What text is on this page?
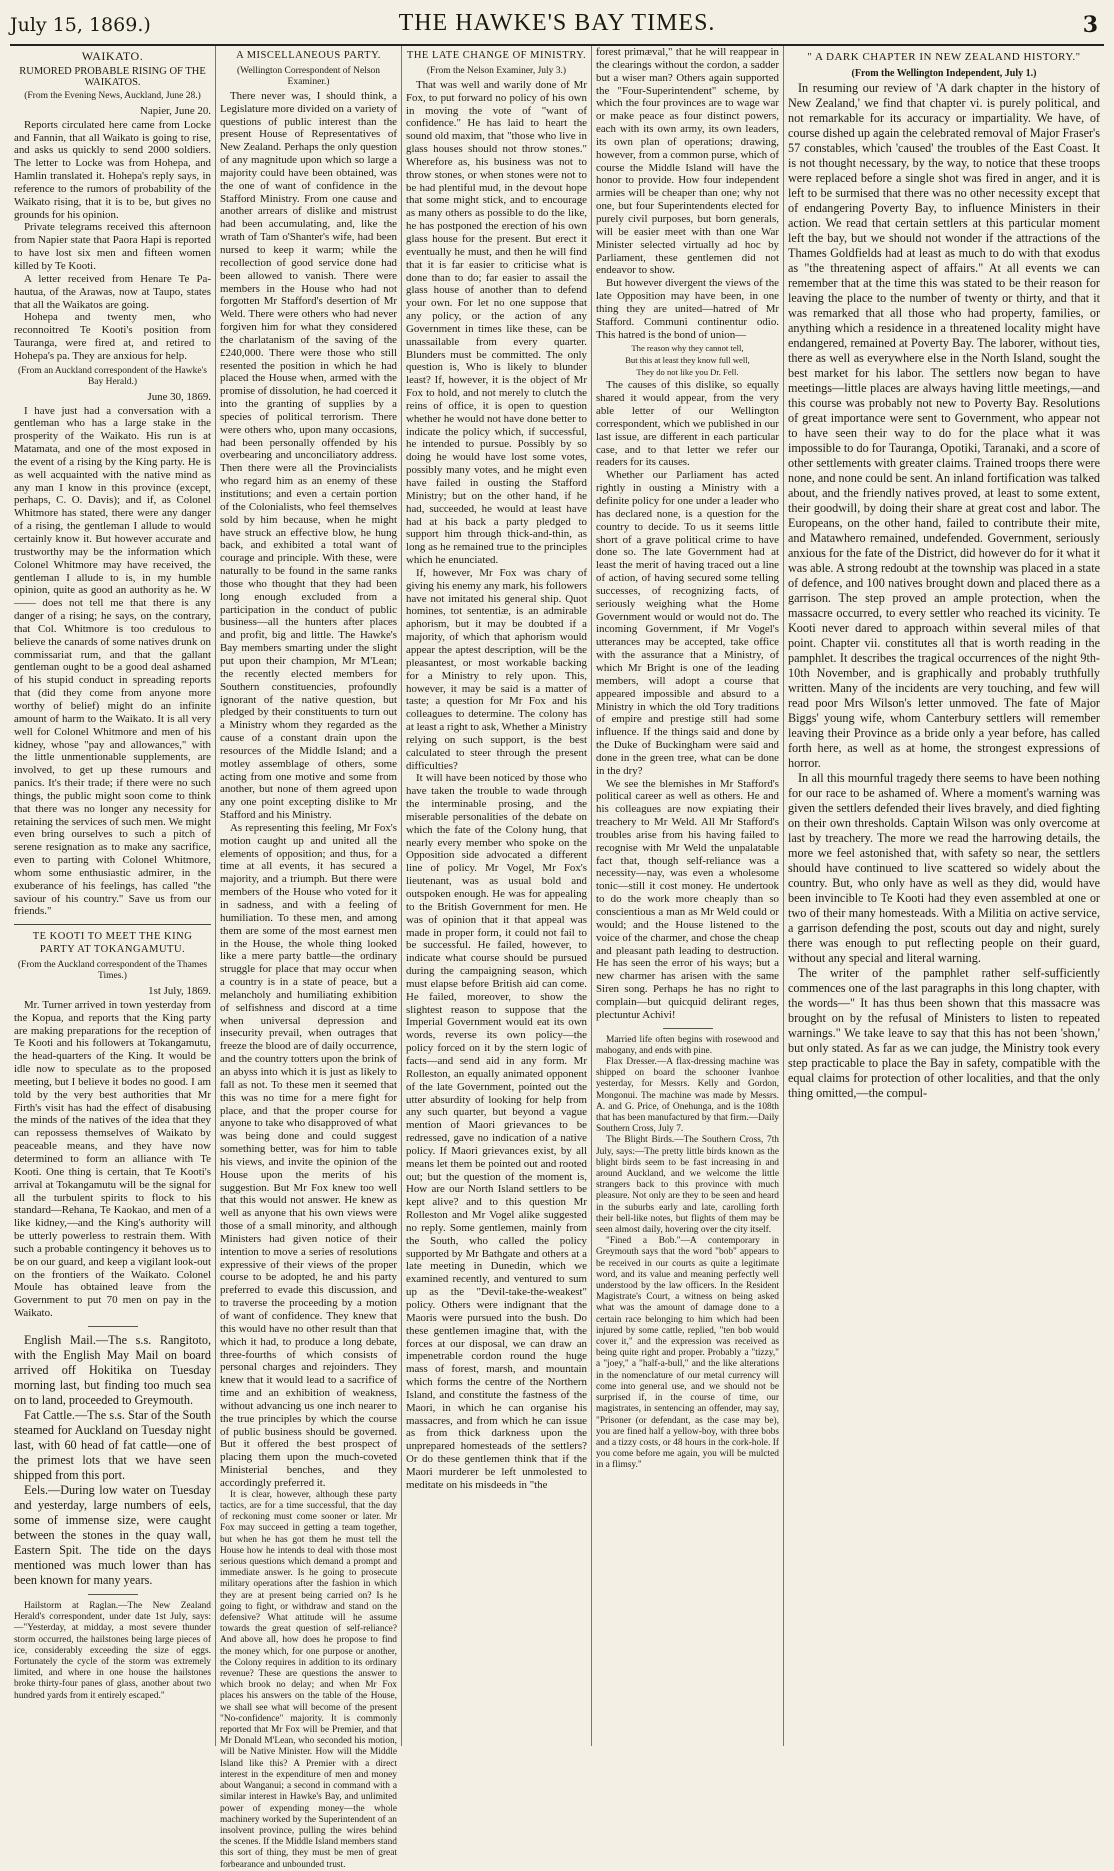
July 15, 1869.)	THE HAWKE'S BAY TIMES.	3
WAIKATO.
RUMORED PROBABLE RISING OF THE WAIKATOS.
(From the Evening News, Auckland, June 28.)
Napier, June 20.

Reports circulated here came from Locke and Fannin, that all Waikato is going to rise, and asks us quickly to send 2000 soldiers. The letter to Locke was from Hohepa, and Hamlin translated it. Hohepa's reply says, in reference to the rumors of probability of the Waikato rising, that it is to be, but gives no grounds for his opinion.

Private telegrams received this afternoon from Napier state that Paora Hapi is reported to have lost six men and fifteen women killed by Te Kooti.

A letter received from Henare Te Pa- hautua, of the Arawas, now at Taupo, states that all the Waikatos are going.

Hohepa and twenty men, who reconnoitred Te Kooti's position from Tauranga, were fired at, and retired to Hohepa's pa. They are anxious for help.

(From an Auckland correspondent of the Hawke's Bay Herald.)
June 30, 1869.

I have just had a conversation with a gentleman who has a large stake in the prosperity of the Waikato. His run is at Matamata, and one of the most exposed in the event of a rising by the King party. He is as well acquainted with the native mind as any man I know in this province (except, perhaps, C. O. Davis); and if, as Colonel Whitmore has stated, there were any danger of a rising, the gentleman I allude to would certainly know it. But however accurate and trustworthy may be the information which Colonel Whitmore may have received, the gentleman I allude to is, in my humble opinion, quite as good an authority as he. W—— does not tell me that there is any danger of a rising; he says, on the contrary, that Col. Whitmore is too credulous to believe the canards of some natives drunk on commissariat rum, and that the gallant gentleman ought to be a good deal ashamed of his stupid conduct in spreading reports that (did they come from anyone more worthy of belief) might do an infinite amount of harm to the Waikato. It is all very well for Colonel Whitmore and men of his kidney, whose "pay and allowances," with the little unmentionable supplements, are involved, to get up these rumours and panics. It's their trade; if there were no such things, the public might soon come to think that there was no longer any necessity for retaining the services of such men. We might even bring ourselves to such a pitch of serene resignation as to make any sacrifice, even to parting with Colonel Whitmore, whom some enthusiastic admirer, in the exuberance of his feelings, has called "the saviour of his country." Save us from our friends."

TE KOOTI TO MEET THE KING PARTY AT TOKANGAMUTU.
(From the Auckland correspondent of the Thames Times.)
1st July, 1869.

Mr. Turner arrived in town yesterday from the Kopua, and reports that the King party are making preparations for the reception of Te Kooti and his followers at Tokangamutu, the head-quarters of the King. It would be idle now to speculate as to the proposed meeting, but I believe it bodes no good. I am told by the very best authorities that Mr Firth's visit has had the effect of disabusing the minds of the natives of the idea that they can repossess themselves of Waikato by peaceable means, and they have now determined to form an alliance with Te Kooti. One thing is certain, that Te Kooti's arrival at Tokangamutu will be the signal for all the turbulent spirits to flock to his standard—Rehana, Te Kaokao, and men of a like kidney,—and the King's authority will be utterly powerless to restrain them. With such a probable contingency it behoves us to be on our guard, and keep a vigilant look-out on the frontiers of the Waikato. Colonel Moule has obtained leave from the Government to put 70 men on pay in the Waikato.

English Mail.—The s.s. Rangitoto, with the English May Mail on board arrived off Hokitika on Tuesday morning last, but finding too much sea on to land, proceeded to Greymouth.

Fat Cattle.—The s.s. Star of the South steamed for Auckland on Tuesday night last, with 60 head of fat cattle—one of the primest lots that we have seen shipped from this port.

Eels.—During low water on Tuesday and yesterday, large numbers of eels, some of immense size, were caught between the stones in the quay wall, Eastern Spit. The tide on the days mentioned was much lower than has been known for many years.

Hailstorm at Raglan.—The New Zealand Herald's correspondent, under date 1st July, says:—"Yesterday, at midday, a most severe thunder storm occurred, the hailstones being large pieces of ice, considerably exceeding the size of eggs. Fortunately the cycle of the storm was extremely limited, and where in one house the hailstones broke thirty-four panes of glass, another about two hundred yards from it entirely escaped."

A MISCELLANEOUS PARTY.
(Wellington Correspondent of Nelson Examiner.)

There never was, I should think, a Legislature more divided on a variety of questions of public interest than the present House of Representatives of New Zealand. Perhaps the only question of any magnitude upon which so large a majority could have been obtained, was the one of want of confidence in the Stafford Ministry. From one cause and another arrears of dislike and mistrust had been accumulating, and, like the wrath of Tam o'Shanter's wife, had been nursed to keep it warm; while the recollection of good service done had been allowed to vanish. There were members in the House who had not forgotten Mr Stafford's desertion of Mr Weld. There were others who had never forgiven him for what they considered the charlatanism of the saving of the £240,000. There were those who still resented the position in which he had placed the House when, armed with the promise of dissolution, he had coerced it into the granting of supplies by a species of political terrorism. There were others who, upon many occasions, had been personally offended by his overbearing and unconciliatory address. Then there were all the Provincialists who regard him as an enemy of these institutions; and even a certain portion of the Colonialists, who feel themselves sold by him because, when he might have struck an effective blow, he hung back, and exhibited a total want of courage and principle. With these, were naturally to be found in the same ranks those who thought that they had been long enough excluded from a participation in the conduct of public business—all the hunters after places and profit, big and little. The Hawke's Bay members smarting under the slight put upon their champion, Mr M'Lean; the recently elected members for Southern constituencies, profoundly ignorant of the native question, but pledged by their constituents to turn out a Ministry whom they regarded as the cause of a constant drain upon the resources of the Middle Island; and a motley assemblage of others, some acting from one motive and some from another, but none of them agreed upon any one point excepting dislike to Mr Stafford and his Ministry.

As representing this feeling, Mr Fox's motion caught up and united all the elements of opposition; and thus, for a time at all events, it has secured a majority, and a triumph. But there were members of the House who voted for it in sadness, and with a feeling of humiliation. To these men, and among them are some of the most earnest men in the House, the whole thing looked like a mere party battle—the ordinary struggle for place that may occur when a country is in a state of peace, but a melancholy and humiliating exhibition of selfishness and discord at a time when universal depression and insecurity prevail, when outrages that freeze the blood are of daily occurrence, and the country totters upon the brink of an abyss into which it is just as likely to fall as not. To these men it seemed that this was no time for a mere fight for place, and that the proper course for anyone to take who disapproved of what was being done and could suggest something better, was for him to table his views, and invite the opinion of the House upon the merits of his suggestion. But Mr Fox knew too well that this would not answer. He knew as well as anyone that his own views were those of a small minority, and although Ministers had given notice of their intention to move a series of resolutions expressive of their views of the proper course to be adopted, he and his party preferred to evade this discussion, and to traverse the proceeding by a motion of want of confidence. They knew that this would have no other result than that which it had, to produce a long debate, three-fourths of which consists of personal charges and rejoinders. They knew that it would lead to a sacrifice of time and an exhibition of weakness, without advancing us one inch nearer to the true principles by which the course of public business should be governed. But it offered the best prospect of placing them upon the much-coveted Ministerial benches, and they accordingly preferred it.

It is clear, however, although these party tactics, are for a time successful, that the day of reckoning must come sooner or later. Mr Fox may succeed in getting a team together, but when he has got them he must tell the House how he intends to deal with those most serious questions which demand a prompt and immediate answer. Is he going to prosecute military operations after the fashion in which they are at present being carried on? Is he going to fight, or withdraw and stand on the defensive? What attitude will he assume towards the great question of self-reliance? And above all, how does he propose to find the money which, for one purpose or another, the Colony requires in addition to its ordinary revenue? These are questions the answer to which brook no delay; and when Mr Fox places his answers on the table of the House, we shall see what will become of the present "No-confidence" majority. It is commonly reported that Mr Fox will be Premier, and that Mr Donald M'Lean, who seconded his motion, will be Native Minister. How will the Middle Island like this? A Premier with a direct interest in the expenditure of men and money about Wanganui; a second in command with a similar interest in Hawke's Bay, and unlimited power of expending money—the whole machinery worked by the Superintendent of an insolvent province, pulling the wires behind the scenes. If the Middle Island members stand this sort of thing, they must be men of great forbearance and unbounded trust.

THE LATE CHANGE OF MINISTRY.
(From the Nelson Examiner, July 3.)

That was well and warily done of Mr Fox, to put forward no policy of his own in moving the vote of "want of confidence." He has laid to heart the sound old maxim, that "those who live in glass houses should not throw stones." Wherefore as, his business was not to throw stones, or when stones were not to be had plentiful mud, in the devout hope that some might stick, and to encourage as many others as possible to do the like, he has postponed the erection of his own glass house for the present. But erect it eventually he must, and then he will find that it is far easier to criticise what is done than to do; far easier to assail the glass house of another than to defend your own. For let no one suppose that any policy, or the action of any Government in times like these, can be unassailable from every quarter. Blunders must be committed. The only question is, Who is likely to blunder least? If, however, it is the object of Mr Fox to hold, and not merely to clutch the reins of office, it is open to question whether he would not have done better to indicate the policy which, if successful, he intended to pursue. Possibly by so doing he would have lost some votes, possibly many votes, and he might even have failed in ousting the Stafford Ministry; but on the other hand, if he had, succeeded, he would at least have had at his back a party pledged to support him through thick-and-thin, as long as he remained true to the principles which he enunciated.

If, however, Mr Fox was chary of giving his enemy any mark, his followers have not imitated his general ship. Quot homines, tot sententiæ, is an admirable aphorism, but it may be doubted if a majority, of which that aphorism would appear the aptest description, will be the pleasantest, or most workable backing for a Ministry to rely upon. This, however, it may be said is a matter of taste; a question for Mr Fox and his colleagues to determine. The colony has at least a right to ask, Whether a Ministry relying on such support, is the best calculated to steer through the present difficulties?

It will have been noticed by those who have taken the trouble to wade through the interminable prosing, and the miserable personalities of the debate on which the fate of the Colony hung, that nearly every member who spoke on the Opposition side advocated a different line of policy. Mr Vogel, Mr Fox's lieutenant, was as usual bold and outspoken enough. He was for appealing to the British Government for men. He was of opinion that it that appeal was made in proper form, it could not fail to be successful. He failed, however, to indicate what course should be pursued during the campaigning season, which must elapse before British aid can come. He failed, moreover, to show the slightest reason to suppose that the Imperial Government would eat its own words, reverse its own policy—the policy forced on it by the stern logic of facts—and send aid in any form. Mr Rolleston, an equally animated opponent of the late Government, pointed out the utter absurdity of looking for help from any such quarter, but beyond a vague mention of Maori grievances to be redressed, gave no indication of a native policy. If Maori grievances exist, by all means let them be pointed out and rooted out; but the question of the moment is, How are our North Island settlers to be kept alive? and to this question Mr Rolleston and Mr Vogel alike suggested no reply. Some gentlemen, mainly from the South, who called the policy supported by Mr Bathgate and others at a late meeting in Dunedin, which we examined recently, and ventured to sum up as the "Devil-take-the-weakest" policy. Others were indignant that the Maoris were pursued into the bush. Do these gentlemen imagine that, with the forces at our disposal, we can draw an impenetrable cordon round the huge mass of forest, marsh, and mountain which forms the centre of the Northern Island, and constitute the fastness of the Maori, in which he can organise his massacres, and from which he can issue as from thick darkness upon the unprepared homesteads of the settlers? Or do these gentlemen think that if the Maori murderer be left unmolested to meditate on his misdeeds in "the

forest primæval," that he will reappear in the clearings without the cordon, a sadder but a wiser man? Others again supported the "Four-Superintendent" scheme, by which the four provinces are to wage war or make peace as four distinct powers, each with its own army, its own leaders, its own plan of operations; drawing, however, from a common purse, which of course the Middle Island will have the honor to provide. How four independent armies will be cheaper than one; why not one, but four Superintendents elected for purely civil purposes, but born generals, will be easier meet with than one War Minister selected virtually ad hoc by Parliament, these gentlemen did not endeavor to show.

But however divergent the views of the late Opposition may have been, in one thing they are united—hatred of Mr Stafford. Communi continentur odio. This hatred is the bond of union—

The reason why they cannot tell,
But this at least they know full well,
They do not like you Dr. Fell.

The causes of this dislike, so equally shared it would appear, from the very able letter of our Wellington correspondent, which we published in our last issue, are different in each particular case, and to that letter we refer our readers for its causes.

Whether our Parliament has acted rightly in ousting a Ministry with a definite policy for one under a leader who has declared none, is a question for the country to decide. To us it seems little short of a grave political crime to have done so. The late Government had at least the merit of having traced out a line of action, of having secured some telling successes, of recognizing facts, of seriously weighing what the Home Government would or would not do. The incoming Government, if Mr Vogel's utterances may be accepted, take office with the assurance that a Ministry, of which Mr Bright is one of the leading members, will adopt a course that appeared impossible and absurd to a Ministry in which the old Tory traditions of empire and prestige still had some influence. If the things said and done by the Duke of Buckingham were said and done in the green tree, what can be done in the dry?

We see the blemishes in Mr Stafford's political career as well as others. He and his colleagues are now expiating their treachery to Mr Weld. All Mr Stafford's troubles arise from his having failed to recognise with Mr Weld the unpalatable fact that, though self-reliance was a necessity—nay, was even a wholesome tonic—still it cost money. He undertook to do the work more cheaply than so conscientious a man as Mr Weld could or would; and the House listened to the voice of the charmer, and chose the cheap and pleasant path leading to destruction. He has seen the error of his ways; but a new charmer has arisen with the same Siren song. Perhaps he has no right to complain—but quicquid delirant reges, plectuntur Achivi!

Married life often begins with rosewood and mahogany, and ends with pine.

Flax Dresser.—A flax-dressing machine was shipped on board the schooner Ivanhoe yesterday, for Messrs. Kelly and Gordon, Mongonui. The machine was made by Messrs. A. and G. Price, of Onehunga, and is the 108th that has been manufactured by that firm.—Daily Southern Cross, July 7.

The Blight Birds.—The Southern Cross, 7th July, says:—The pretty little birds known as the blight birds seem to be fast increasing in and around Auckland, and we welcome the little strangers back to this province with much pleasure. Not only are they to be seen and heard in the suburbs early and late, carolling forth their bell-like notes, but flights of them may be seen almost daily, hovering over the city itself.

"Fined a Bob."—A contemporary in Greymouth says that the word "bob" appears to be received in our courts as quite a legitimate word, and its value and meaning perfectly well understood by the law officers. In the Resident Magistrate's Court, a witness on being asked what was the amount of damage done to a certain race belonging to him which had been injured by some cattle, replied, "ten bob would cover it," and the expression was received as being quite right and proper. Probably a "tizzy," a "joey," a "half-a-bull," and the like alterations in the nomenclature of our metal currency will come into general use, and we should not be surprised if, in the course of time, our magistrates, in sentencing an offender, may say, "Prisoner (or defendant, as the case may be), you are fined half a yellow-boy, with three bobs and a tizzy costs, or 48 hours in the cork-hole. If you come before me again, you will be mulcted in a flimsy."

" A DARK CHAPTER IN NEW ZEALAND HISTORY."
(From the Wellington Independent, July 1.)

In resuming our review of 'A dark chapter in the history of New Zealand,' we find that chapter vi. is purely political, and not remarkable for its accuracy or impartiality. We have, of course dished up again the celebrated removal of Major Fraser's 57 constables, which 'caused' the troubles of the East Coast. It is not thought necessary, by the way, to notice that these troops were replaced before a single shot was fired in anger, and it is left to be surmised that there was no other necessity except that of endangering Poverty Bay, to influence Ministers in their action. We read that certain settlers at this particular moment left the bay, but we should not wonder if the attractions of the Thames Goldfields had at least as much to do with that exodus as "the threatening aspect of affairs." At all events we can remember that at the time this was stated to be their reason for leaving the place to the number of twenty or thirty, and that it was remarked that all those who had property, families, or anything which a residence in a threatened locality might have endangered, remained at Poverty Bay. The laborer, without ties, there as well as everywhere else in the North Island, sought the best market for his labor. The settlers now began to have meetings—little places are always having little meetings,—and this course was probably not new to Poverty Bay. Resolutions of great importance were sent to Government, who appear not to have seen their way to do for the place what it was impossible to do for Tauranga, Opotiki, Taranaki, and a score of other settlements with greater claims. Trained troops there were none, and none could be sent. An inland fortification was talked about, and the friendly natives proved, at least to some extent, their goodwill, by doing their share at great cost and labor. The Europeans, on the other hand, failed to contribute their mite, and Matawhero remained, undefended. Government, seriously anxious for the fate of the District, did however do for it what it was able. A strong redoubt at the township was placed in a state of defence, and 100 natives brought down and placed there as a garrison. The step proved an ample protection, when the massacre occurred, to every settler who reached its vicinity. Te Kooti never dared to approach within several miles of that point. Chapter vii. constitutes all that is worth reading in the pamphlet. It describes the tragical occurrences of the night 9th-10th November, and is graphically and probably truthfully written. Many of the incidents are very touching, and few will read poor Mrs Wilson's letter unmoved. The fate of Major Biggs' young wife, whom Canterbury settlers will remember leaving their Province as a bride only a year before, has called forth here, as well as at home, the strongest expressions of horror.

In all this mournful tragedy there seems to have been nothing for our race to be ashamed of. Where a moment's warning was given the settlers defended their lives bravely, and died fighting on their own thresholds. Captain Wilson was only overcome at last by treachery. The more we read the harrowing details, the more we feel astonished that, with safety so near, the settlers should have continued to live scattered so widely about the country. But, who only have as well as they did, would have been invincible to Te Kooti had they even assembled at one or two of their many homesteads. With a Militia on active service, a garrison defending the post, scouts out day and night, surely there was enough to put reflecting people on their guard, without any special and literal warning.

The writer of the pamphlet rather self-sufficiently commences one of the last paragraphs in this long chapter, with the words—" It has thus been shown that this massacre was brought on by the refusal of Ministers to listen to repeated warnings." We take leave to say that this has not been 'shown,' but only stated. As far as we can judge, the Ministry took every step practicable to place the Bay in safety, compatible with the equal claims for protection of other localities, and that the only thing omitted,—the compul-
